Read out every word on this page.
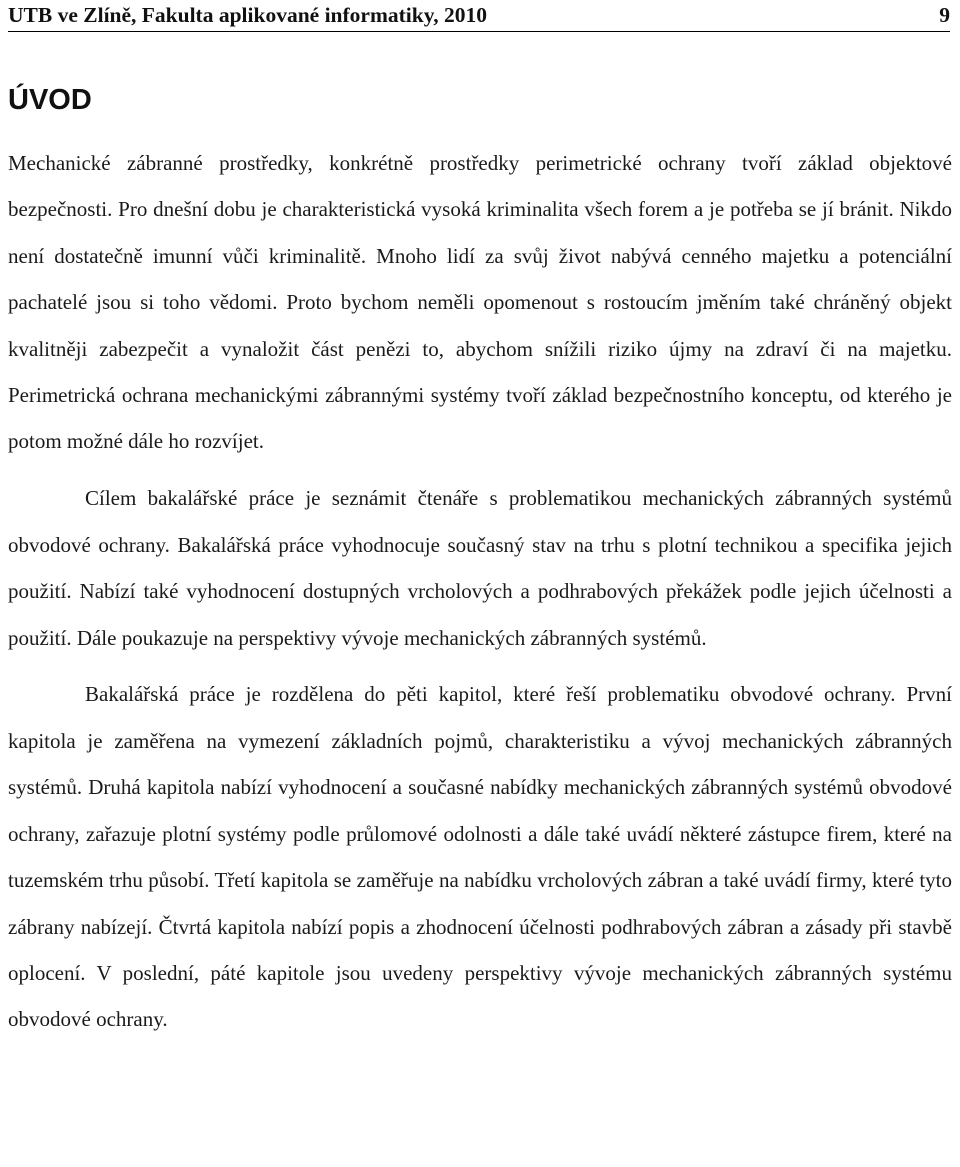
UTB ve Zlíně, Fakulta aplikované informatiky, 2010	9
ÚVOD

Mechanické zábranné prostředky, konkrétně prostředky perimetrické ochrany tvoří základ objektové bezpečnosti. Pro dnešní dobu je charakteristická vysoká kriminalita všech forem a je potřeba se jí bránit. Nikdo není dostatečně imunní vůči kriminalitě. Mnoho lidí za svůj život nabývá cenného majetku a potenciální pachatelé jsou si toho vědomi. Proto bychom neměli opomenout s rostoucím jměním také chráněný objekt kvalitněji zabezpečit a vynaložit část penězi to, abychom snížili riziko újmy na zdraví či na majetku. Perimetrická ochrana mechanickými zábrannými systémy tvoří základ bezpečnostního konceptu, od kterého je potom možné dále ho rozvíjet.

Cílem bakalářské práce je seznámit čtenáře s problematikou mechanických zábranných systémů obvodové ochrany. Bakalářská práce vyhodnocuje současný stav na trhu s plotní technikou a specifika jejich použití. Nabízí také vyhodnocení dostupných vrcholových a podhrabových překážek podle jejich účelnosti a použití. Dále poukazuje na perspektivy vývoje mechanických zábranných systémů.

Bakalářská práce je rozdělena do pěti kapitol, které řeší problematiku obvodové ochrany. První kapitola je zaměřena na vymezení základních pojmů, charakteristiku a vývoj mechanických zábranných systémů. Druhá kapitola nabízí vyhodnocení a současné nabídky mechanických zábranných systémů obvodové ochrany, zařazuje plotní systémy podle průlomové odolnosti a dále také uvádí některé zástupce firem, které na tuzemském trhu působí. Třetí kapitola se zaměřuje na nabídku vrcholových zábran a také uvádí firmy, které tyto zábrany nabízejí. Čtvrtá kapitola nabízí popis a zhodnocení účelnosti podhrabových zábran a zásady při stavbě oplocení. V poslední, páté kapitole jsou uvedeny perspektivy vývoje mechanických zábranných systému obvodové ochrany.
